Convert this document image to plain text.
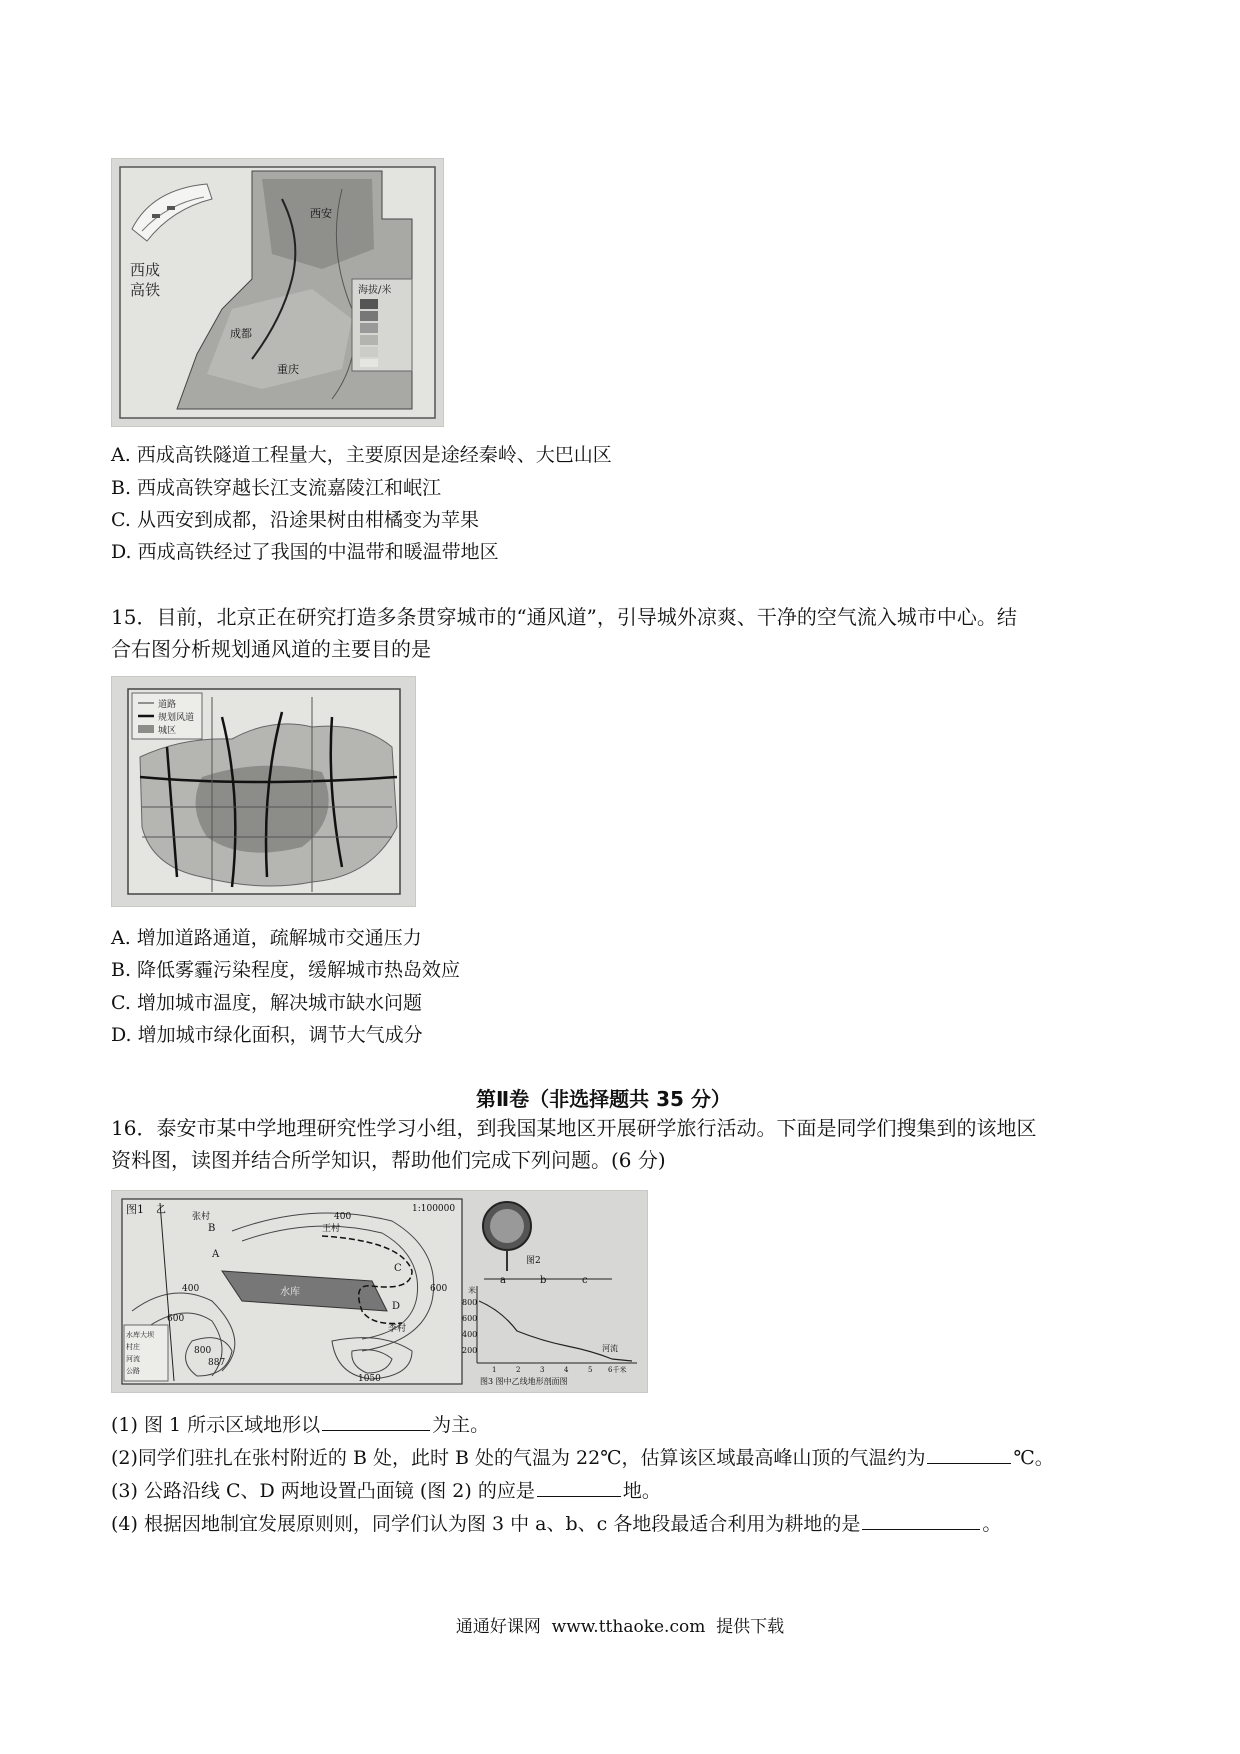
西成
高铁
西安
成都
重庆
海拔/米
A. 西成高铁隧道工程量大，主要原因是途经秦岭、大巴山区
B. 西成高铁穿越长江支流嘉陵江和岷江
C. 从西安到成都，沿途果树由柑橘变为苹果
D. 西成高铁经过了我国的中温带和暖温带地区
15．目前，北京正在研究打造多条贯穿城市的“通风道”，引导城外凉爽、干净的空气流入城市中心。结
合右图分析规划通风道的主要目的是
道路
规划风道
城区
A. 增加道路通道，疏解城市交通压力
B. 降低雾霾污染程度，缓解城市热岛效应
C. 增加城市温度，解决城市缺水问题
D. 增加城市绿化面积，调节大气成分
第Ⅱ卷（非选择题共 35 分）
16．泰安市某中学地理研究性学习小组，到我国某地区开展研学旅行活动。下面是同学们搜集到的该地区
资料图，读图并结合所学知识，帮助他们完成下列问题。(6 分)
图1	1:100000
水库
乙
张村
B
A
王村
C
D
李村
400
400
600
800
887
1050
600
水库大坝
村庄
河流
公路
图2
米
800
600
400
200
a	b	c
河流
1	2	3	4	5 6千米
图3 图中乙线地形剖面图
(1) 图 1 所示区域地形以	为主。
(2)同学们驻扎在张村附近的 B 处，此时 B 处的气温为 22℃，估算该区域最高峰山顶的气温约为	℃。
(3) 公路沿线 C、D 两地设置凸面镜 (图 2) 的应是	地。
(4) 根据因地制宜发展原则则，同学们认为图 3 中 a、b、c 各地段最适合利用为耕地的是	。
通通好课网  www.tthaoke.com  提供下载
